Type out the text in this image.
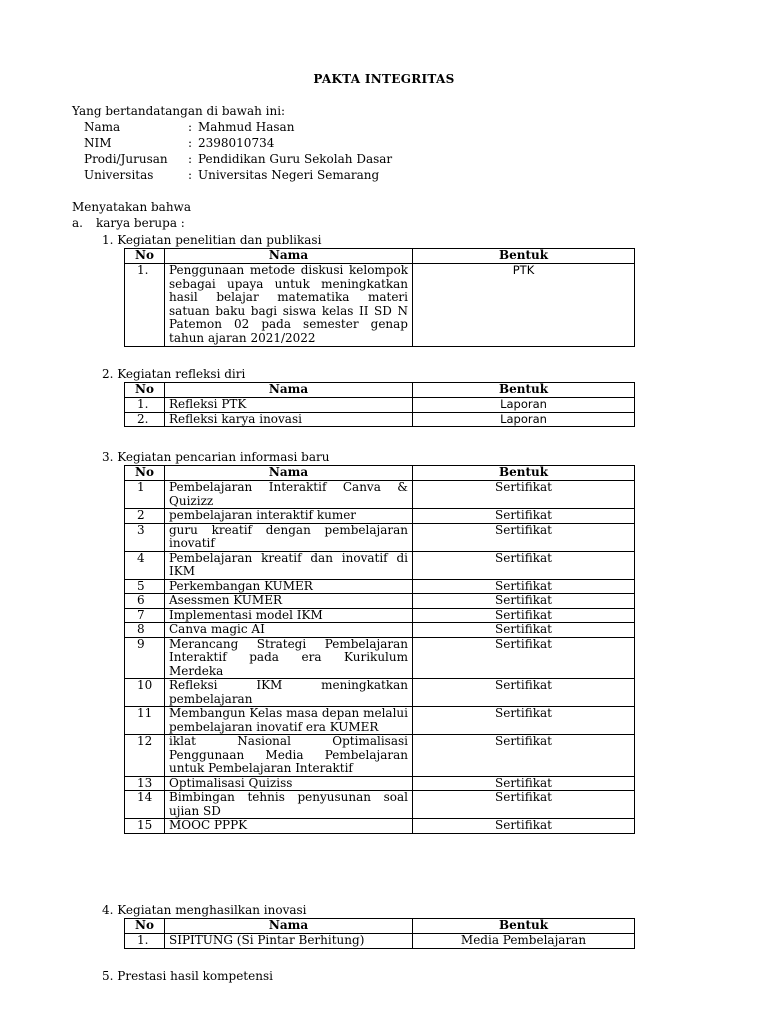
PAKTA INTEGRITAS
Yang bertandatangan di bawah ini:
Nama	: Mahmud Hasan
NIM	: 2398010734
Prodi/Jurusan : Pendidikan Guru Sekolah Dasar
Universitas	: Universitas Negeri Semarang
Menyatakan bahwa
a. karya berupa :
1. Kegiatan penelitian dan publikasi
No	Nama	Bentuk
1.	Penggunaan metode diskusi kelompok sebagai upaya untuk meningkatkan hasil belajar matematika materi satuan baku bagi siswa kelas II SD N Patemon 02 pada semester genap tahun ajaran 2021/2022	PTK
2. Kegiatan refleksi diri
No	Nama	Bentuk
1.	Refleksi PTK	Laporan
2.	Refleksi karya inovasi	Laporan
3. Kegiatan pencarian informasi baru
No	Nama	Bentuk
1	Pembelajaran Interaktif Canva & Quizizz	Sertifikat
2	pembelajaran interaktif kumer	Sertifikat
3	guru kreatif dengan pembelajaran inovatif	Sertifikat
4	Pembelajaran kreatif dan inovatif di IKM	Sertifikat
5	Perkembangan KUMER	Sertifikat
6	Asessmen KUMER	Sertifikat
7	Implementasi model IKM	Sertifikat
8	Canva magic AI	Sertifikat
9	Merancang Strategi Pembelajaran Interaktif pada era Kurikulum Merdeka	Sertifikat
10	Refleksi IKM meningkatkan pembelajaran	Sertifikat
11	Membangun Kelas masa depan melalui pembelajaran inovatif era KUMER	Sertifikat
12	iklat Nasional Optimalisasi Penggunaan Media Pembelajaran untuk Pembelajaran Interaktif	Sertifikat
13	Optimalisasi Quiziss	Sertifikat
14	Bimbingan tehnis penyusunan soal ujian SD	Sertifikat
15	MOOC PPPK	Sertifikat
4. Kegiatan menghasilkan inovasi
No	Nama	Bentuk
1.	SIPITUNG (Si Pintar Berhitung)	Media Pembelajaran
5. Prestasi hasil kompetensi
